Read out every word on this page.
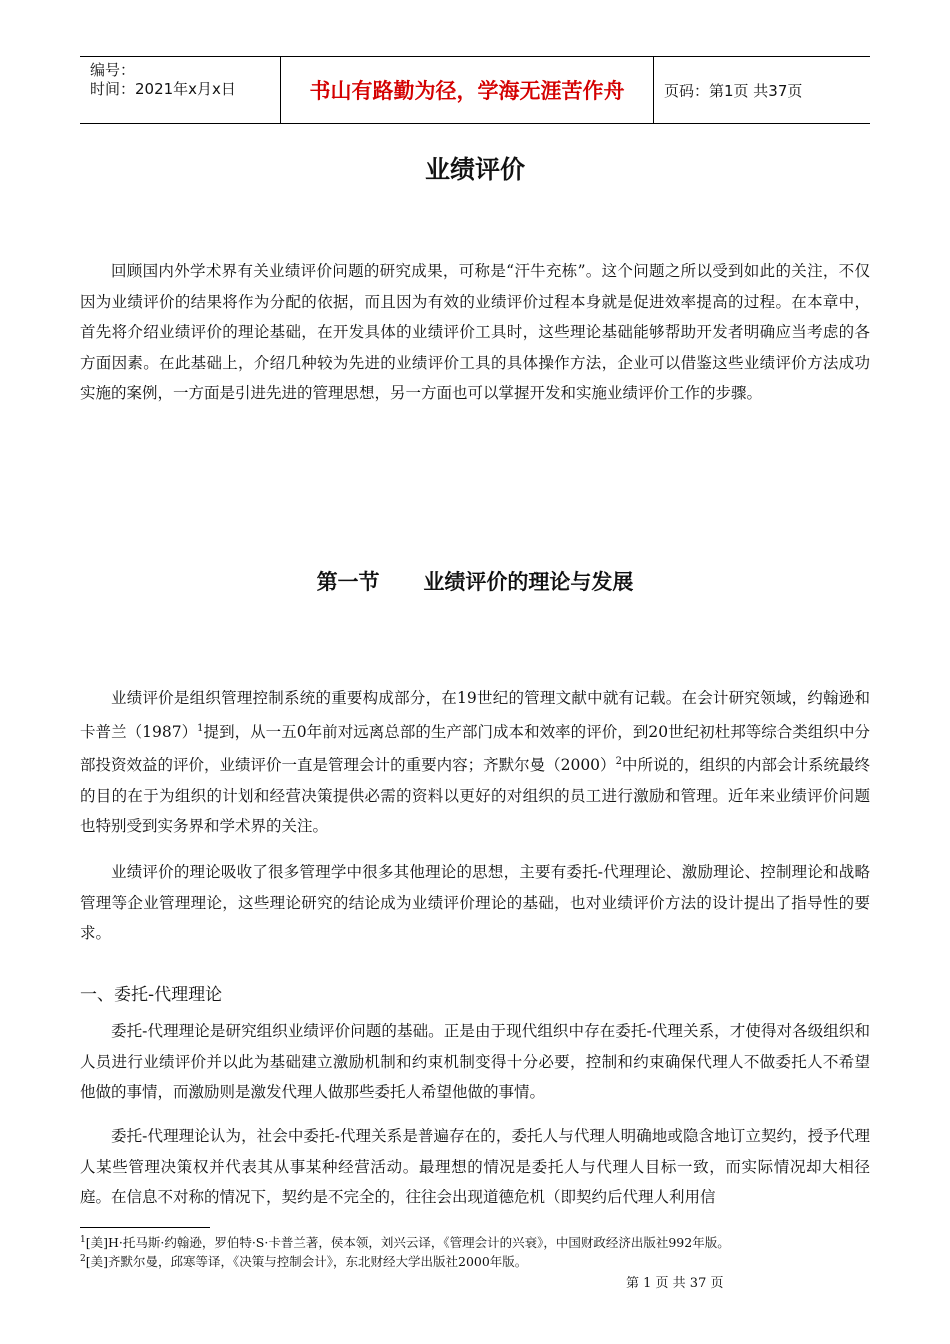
编号：
时间：2021年x月x日	书山有路勤为径，学海无涯苦作舟	页码：第1页 共37页
业绩评价

回顾国内外学术界有关业绩评价问题的研究成果，可称是“汗牛充栋”。这个问题之所以受到如此的关注，不仅因为业绩评价的结果将作为分配的依据，而且因为有效的业绩评价过程本身就是促进效率提高的过程。在本章中，首先将介绍业绩评价的理论基础，在开发具体的业绩评价工具时，这些理论基础能够帮助开发者明确应当考虑的各方面因素。在此基础上，介绍几种较为先进的业绩评价工具的具体操作方法，企业可以借鉴这些业绩评价方法成功实施的案例，一方面是引进先进的管理思想，另一方面也可以掌握开发和实施业绩评价工作的步骤。

第一节      业绩评价的理论与发展

业绩评价是组织管理控制系统的重要构成部分，在19世纪的管理文献中就有记载。在会计研究领域，约翰逊和卡普兰$(1987)^1$提到，从一五0年前对远离总部的生产部门成本和效率的评价，到20世纪初杜邦等综合类组织中分部投资效益的评价，业绩评价一直是管理会计的重要内容；齐默尔曼$(2000)^2$中所说的，组织的内部会计系统最终的目的在于为组织的计划和经营决策提供必需的资料以更好的对组织的员工进行激励和管理。近年来业绩评价问题也特别受到实务界和学术界的关注。

业绩评价的理论吸收了很多管理学中很多其他理论的思想，主要有委托-代理理论、激励理论、控制理论和战略管理等企业管理理论，这些理论研究的结论成为业绩评价理论的基础，也对业绩评价方法的设计提出了指导性的要求。

一、委托-代理理论

委托-代理理论是研究组织业绩评价问题的基础。正是由于现代组织中存在委托-代理关系，才使得对各级组织和人员进行业绩评价并以此为基础建立激励机制和约束机制变得十分必要，控制和约束确保代理人不做委托人不希望他做的事情，而激励则是激发代理人做那些委托人希望他做的事情。

委托-代理理论认为，社会中委托-代理关系是普遍存在的，委托人与代理人明确地或隐含地订立契约，授予代理人某些管理决策权并代表其从事某种经营活动。最理想的情况是委托人与代理人目标一致，而实际情况却大相径庭。在信息不对称的情况下，契约是不完全的，往往会出现道德危机（即契约后代理人利用信

$^1$[美]H·托马斯·约翰逊，罗伯特·S·卡普兰著，侯本领，刘兴云译，《管理会计的兴衰》，中国财政经济出版社992年版。
$^2$[美]齐默尔曼，邱寒等译，《决策与控制会计》，东北财经大学出版社2000年版。
第 1 页 共 37 页
